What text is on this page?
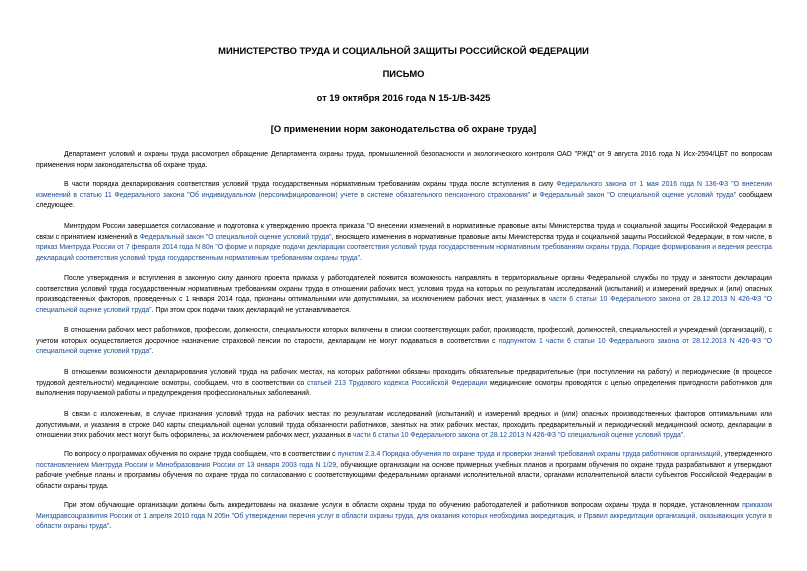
МИНИСТЕРСТВО ТРУДА И СОЦИАЛЬНОЙ ЗАЩИТЫ РОССИЙСКОЙ ФЕДЕРАЦИИ
ПИСЬМО
от 19 октября 2016 года N 15-1/В-3425
[О применении норм законодательства об охране труда]
Департамент условий и охраны труда рассмотрел обращение Департамента охраны труда, промышленной безопасности и экологического контроля ОАО "РЖД" от 9 августа 2016 года N Исх-2594/ЦБТ по вопросам применения норм законодательства об охране труда.
В части порядка декларирования соответствия условий труда государственным нормативным требованиям охраны труда после вступления в силу Федерального закона от 1 мая 2016 года N 136-ФЗ "О внесении изменений в статью 11 Федерального закона "Об индивидуальном (персонифицированном) учете в системе обязательного пенсионного страхования" и Федеральный закон "О специальной оценке условий труда" сообщаем следующее.
Минтрудом России завершается согласование и подготовка к утверждению проекта приказа "О внесении изменений в нормативные правовые акты Министерства труда и социальной защиты Российской Федерации в связи с принятием изменений в Федеральный закон "О специальной оценке условий труда", вносящего изменения в нормативные правовые акты Министерства труда и социальной защиты Российской Федерации, в том числе, в приказ Минтруда России от 7 февраля 2014 года N 80н "О форме и порядке подачи декларации соответствия условий труда государственным нормативным требованиям охраны труда, Порядке формирования и ведения реестра деклараций соответствия условий труда государственным нормативным требованиям охраны труда".
После утверждения и вступления в законную силу данного проекта приказа у работодателей появится возможность направлять в территориальные органы Федеральной службы по труду и занятости декларации соответствия условий труда государственным нормативным требованиям охраны труда в отношении рабочих мест, условия труда на которых по результатам исследований (испытаний) и измерений вредных и (или) опасных производственных факторов, проведенных с 1 января 2014 года, признаны оптимальными или допустимыми, за исключением рабочих мест, указанных в части 6 статьи 10 Федерального закона от 28.12.2013 N 426-ФЗ "О специальной оценке условий труда". При этом срок подачи таких деклараций не устанавливается.
В отношении рабочих мест работников, профессии, должности, специальности которых включены в списки соответствующих работ, производств, профессий, должностей, специальностей и учреждений (организаций), с учетом которых осуществляется досрочное назначение страховой пенсии по старости, декларации не могут подаваться в соответствии с подпунктом 1 части 6 статьи 10 Федерального закона от 28.12.2013 N 426-ФЗ "О специальной оценке условий труда".
В отношении возможности декларирования условий труда на рабочих местах, на которых работники обязаны проходить обязательные предварительные (при поступлении на работу) и периодические (в процессе трудовой деятельности) медицинские осмотры, сообщаем, что в соответствии со статьей 213 Трудового кодекса Российской Федерации медицинские осмотры проводятся с целью определения пригодности работников для выполнения поручаемой работы и предупреждения профессиональных заболеваний.
В связи с изложенным, в случае признания условий труда на рабочих местах по результатам исследований (испытаний) и измерений вредных и (или) опасных производственных факторов оптимальными или допустимыми, и указания в строке 040 карты специальной оценки условий труда обязанности работников, занятых на этих рабочих местах, проходить предварительный и периодический медицинский осмотр, декларации в отношении этих рабочих мест могут быть оформлены, за исключением рабочих мест, указанных в части 6 статьи 10 Федерального закона от 28.12.2013 N 426-ФЗ "О специальной оценке условий труда".
По вопросу о программах обучения по охране труда сообщаем, что в соответствии с пунктом 2.3.4 Порядка обучения по охране труда и проверки знаний требований охраны труда работников организаций, утвержденного постановлением Минтруда России и Минобразования России от 13 января 2003 года N 1/29, обучающие организации на основе примерных учебных планов и программ обучения по охране труда разрабатывают и утверждают рабочие учебные планы и программы обучения по охране труда по согласованию с соответствующими федеральными органами исполнительной власти, органами исполнительной власти субъектов Российской Федерации в области охраны труда.
При этом обучающие организации должны быть аккредитованы на оказание услуги в области охраны труда по обучению работодателей и работников вопросам охраны труда в порядке, установленном приказом Минздравсоцразвития России от 1 апреля 2010 года N 205н "Об утверждении перечня услуг в области охраны труда, для оказания которых необходима аккредитация, и Правил аккредитации организаций, оказывающих услуги в области охраны труда".
